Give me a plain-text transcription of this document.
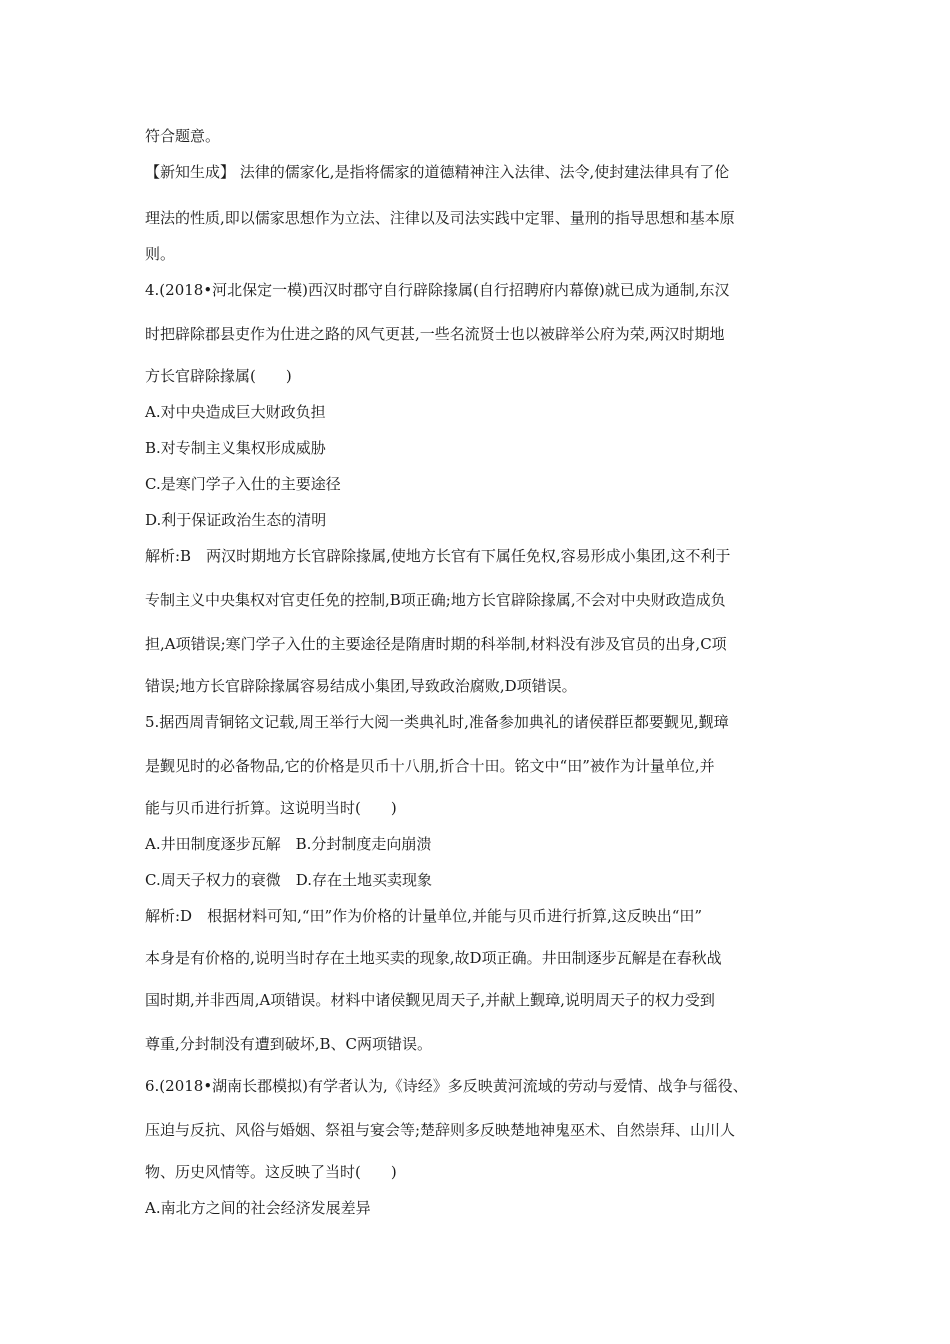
符合题意。
【新知生成】 法律的儒家化,是指将儒家的道德精神注入法律、法令,使封建法律具有了伦
理法的性质,即以儒家思想作为立法、注律以及司法实践中定罪、量刑的指导思想和基本原
则。
4.(2018•河北保定一模)西汉时郡守自行辟除掾属(自行招聘府内幕僚)就已成为通制,东汉
时把辟除郡县吏作为仕进之路的风气更甚,一些名流贤士也以被辟举公府为荣,两汉时期地
方长官辟除掾属(　　)
A.对中央造成巨大财政负担
B.对专制主义集权形成威胁
C.是寒门学子入仕的主要途径
D.利于保证政治生态的清明
解析:B　两汉时期地方长官辟除掾属,使地方长官有下属任免权,容易形成小集团,这不利于
专制主义中央集权对官吏任免的控制,B项正确;地方长官辟除掾属,不会对中央财政造成负
担,A项错误;寒门学子入仕的主要途径是隋唐时期的科举制,材料没有涉及官员的出身,C项
错误;地方长官辟除掾属容易结成小集团,导致政治腐败,D项错误。
5.据西周青铜铭文记载,周王举行大阅一类典礼时,准备参加典礼的诸侯群臣都要觐见,觐璋
是觐见时的必备物品,它的价格是贝币十八朋,折合十田。铭文中“田”被作为计量单位,并
能与贝币进行折算。这说明当时(　　)
A.井田制度逐步瓦解　B.分封制度走向崩溃
C.周天子权力的衰微　D.存在土地买卖现象
解析:D　根据材料可知,“田”作为价格的计量单位,并能与贝币进行折算,这反映出“田”
本身是有价格的,说明当时存在土地买卖的现象,故D项正确。井田制逐步瓦解是在春秋战
国时期,并非西周,A项错误。材料中诸侯觐见周天子,并献上觐璋,说明周天子的权力受到
尊重,分封制没有遭到破坏,B、C两项错误。
6.(2018•湖南长郡模拟)有学者认为,《诗经》多反映黄河流域的劳动与爱情、战争与徭役、
压迫与反抗、风俗与婚姻、祭祖与宴会等;楚辞则多反映楚地神鬼巫术、自然崇拜、山川人
物、历史风情等。这反映了当时(　　)
A.南北方之间的社会经济发展差异
